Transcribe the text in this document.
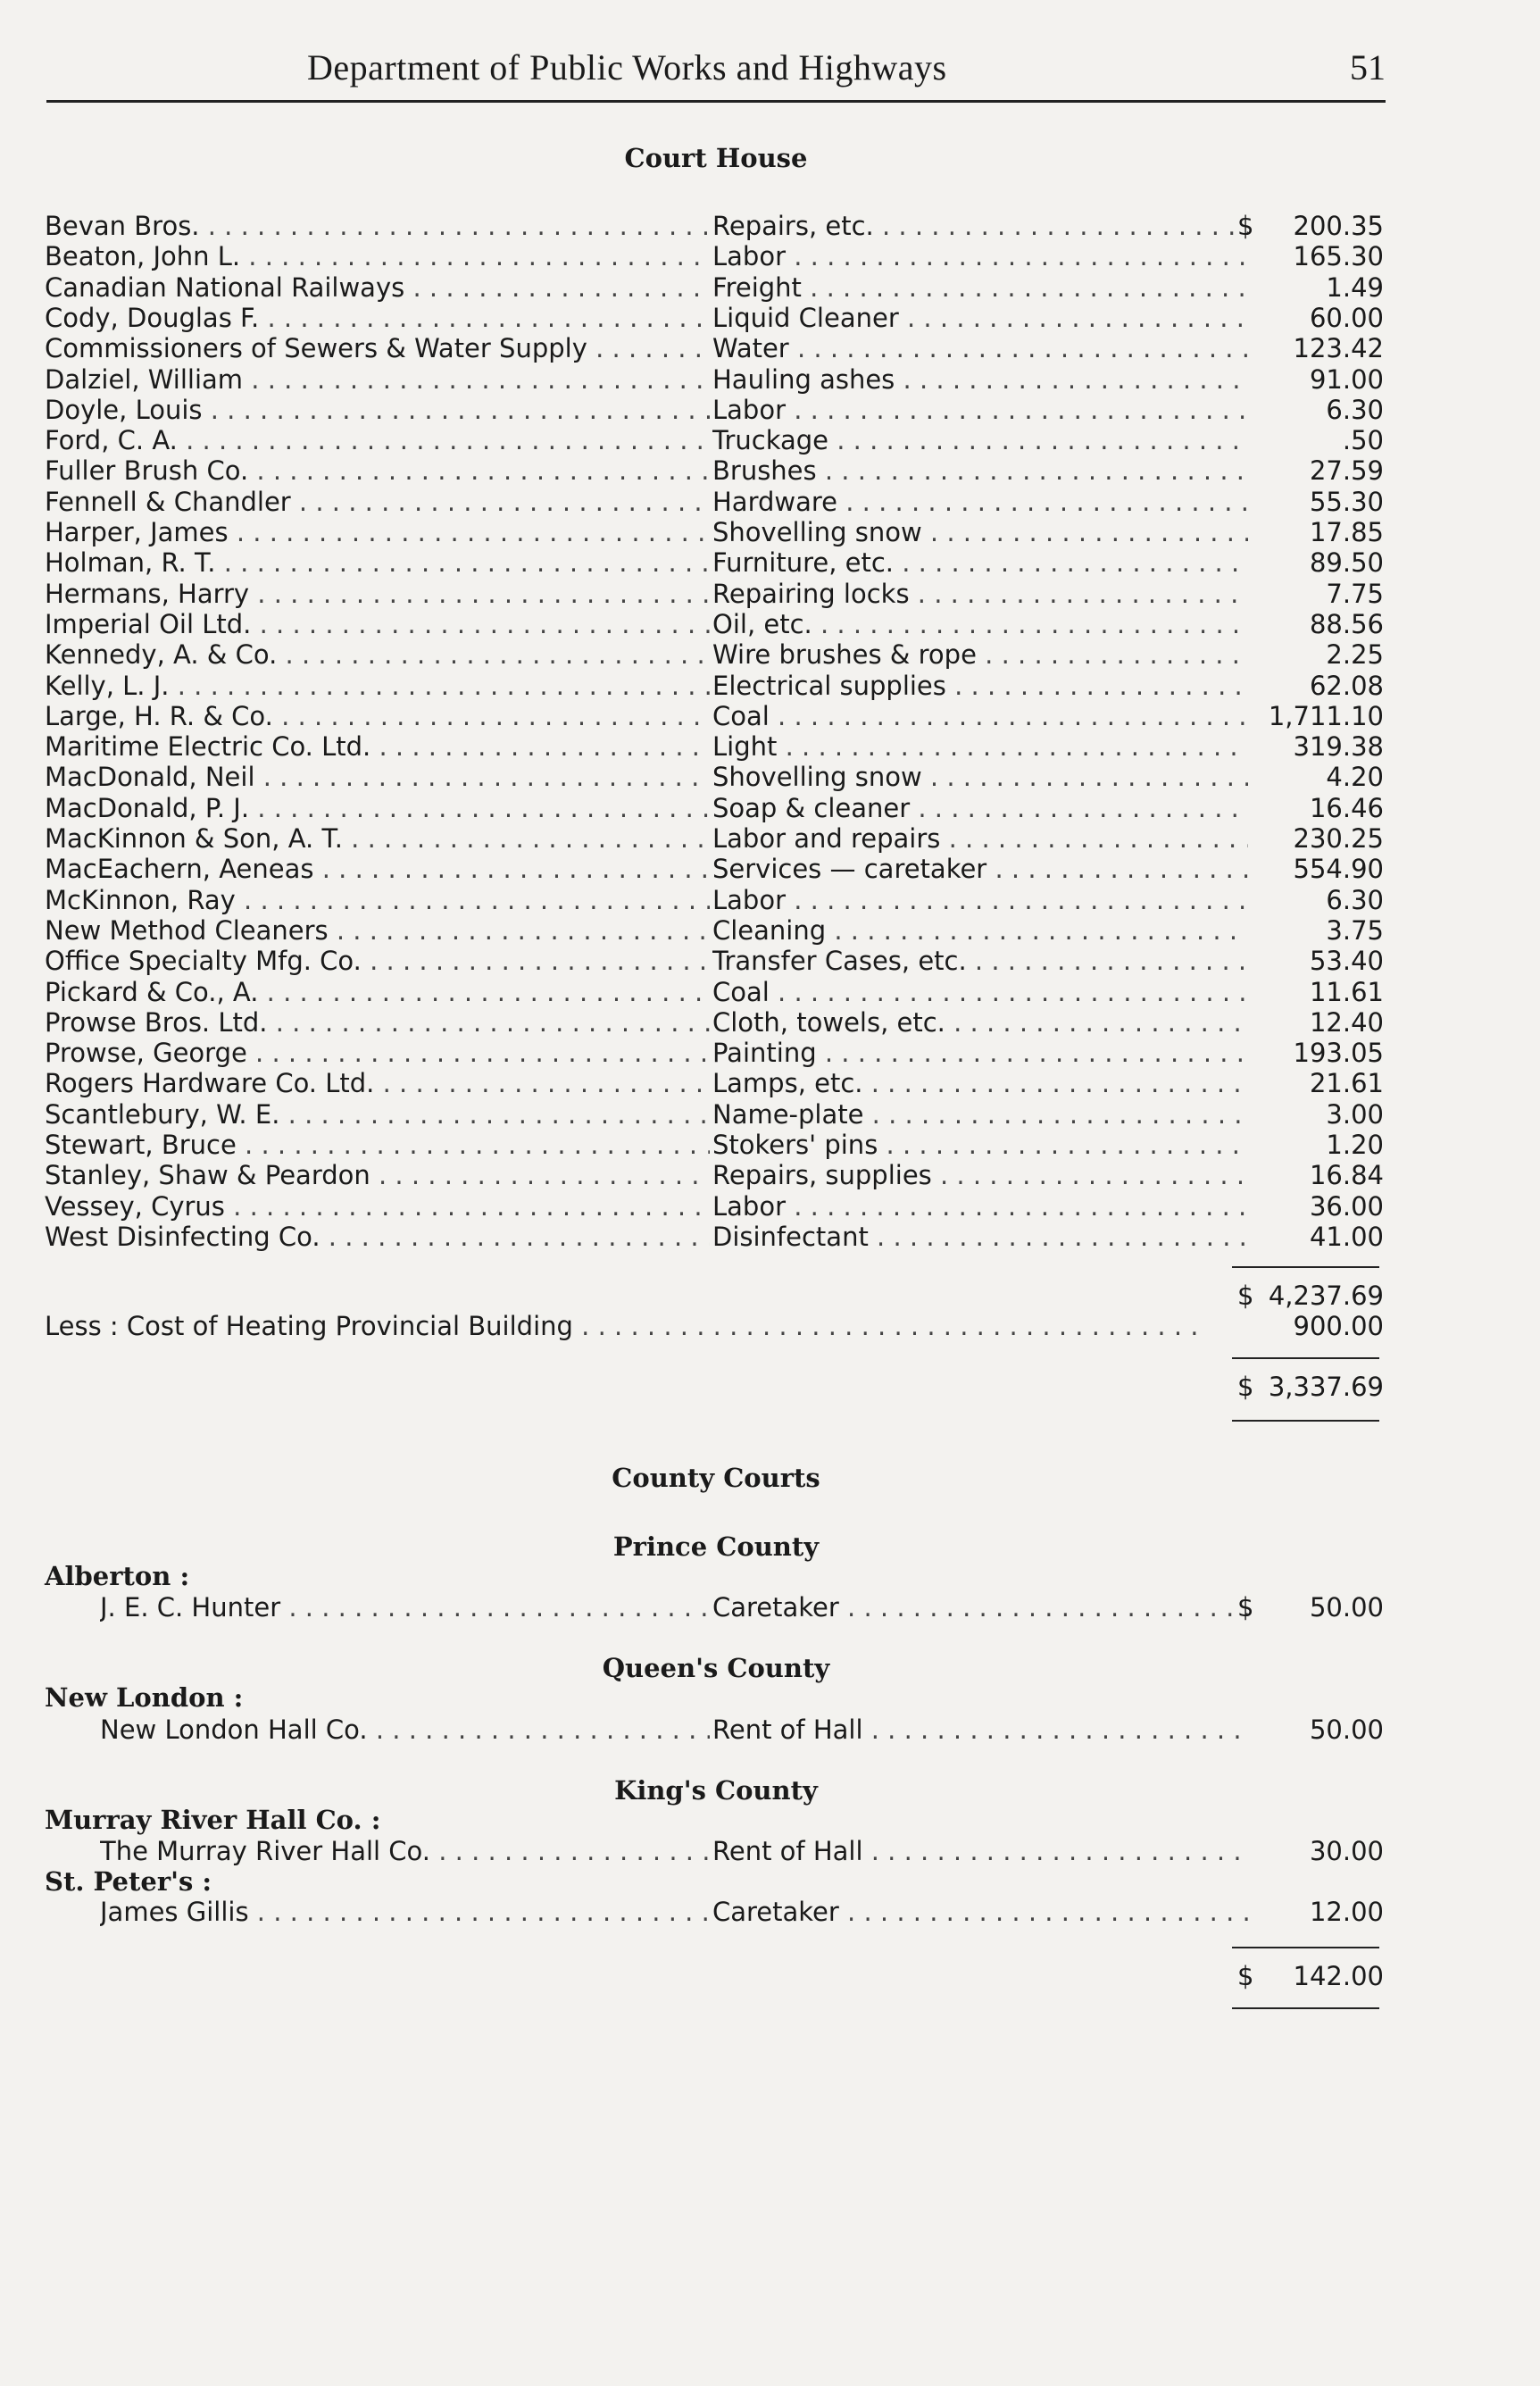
Department of Public Works and Highways	51
Court House
Bevan Bros. . . .	Repairs, etc. . . .	$	200.35
Beaton, John L. . . .	Labor . . .	165.30
Canadian National Railways . . .	Freight . . .	1.49
Cody, Douglas F. . . .	Liquid Cleaner . . .	60.00
Commissioners of Sewers & Water Supply . . .	Water . . .	123.42
Dalziel, William . . .	Hauling ashes . . .	91.00
Doyle, Louis . . .	Labor . . .	6.30
Ford, C. A. . . .	Truckage . . .	.50
Fuller Brush Co. . . .	Brushes . . .	27.59
Fennell & Chandler . . .	Hardware . . .	55.30
Harper, James . . .	Shovelling snow . . .	17.85
Holman, R. T. . . .	Furniture, etc. . . .	89.50
Hermans, Harry . . .	Repairing locks . . .	7.75
Imperial Oil Ltd. . . .	Oil, etc. . . .	88.56
Kennedy, A. & Co. . . .	Wire brushes & rope . . .	2.25
Kelly, L. J. . . .	Electrical supplies . . .	62.08
Large, H. R. & Co. . . .	Coal . . .	1,711.10
Maritime Electric Co. Ltd. . . .	Light . . .	319.38
MacDonald, Neil . . .	Shovelling snow . . .	4.20
MacDonald, P. J. . . .	Soap & cleaner . . .	16.46
MacKinnon & Son, A. T. . . .	Labor and repairs . . .	230.25
MacEachern, Aeneas . . .	Services — caretaker . . .	554.90
McKinnon, Ray . . .	Labor . . .	6.30
New Method Cleaners . . .	Cleaning . . .	3.75
Office Specialty Mfg. Co. . . .	Transfer Cases, etc. . . .	53.40
Pickard & Co., A. . . .	Coal . . .	11.61
Prowse Bros. Ltd. . . .	Cloth, towels, etc. . . .	12.40
Prowse, George . . .	Painting . . .	193.05
Rogers Hardware Co. Ltd. . . .	Lamps, etc. . . .	21.61
Scantlebury, W. E. . . .	Name-plate . . .	3.00
Stewart, Bruce . . .	Stokers' pins . . .	1.20
Stanley, Shaw & Peardon . . .	Repairs, supplies . . .	16.84
Vessey, Cyrus . . .	Labor . . .	36.00
West Disinfecting Co. . . .	Disinfectant . . .	41.00
$ 4,237.69
Less : Cost of Heating Provincial Building . . .	900.00
$ 3,337.69
County Courts
Prince County
Alberton :
J. E. C. Hunter . . .	Caretaker . . .	$	50.00
Queen's County
New London :
New London Hall Co. . . .	Rent of Hall . . .	50.00
King's County
Murray River Hall Co. :
The Murray River Hall Co. . . .	Rent of Hall . . .	30.00
St. Peter's :
James Gillis . . .	Caretaker . . .	12.00
$	142.00
